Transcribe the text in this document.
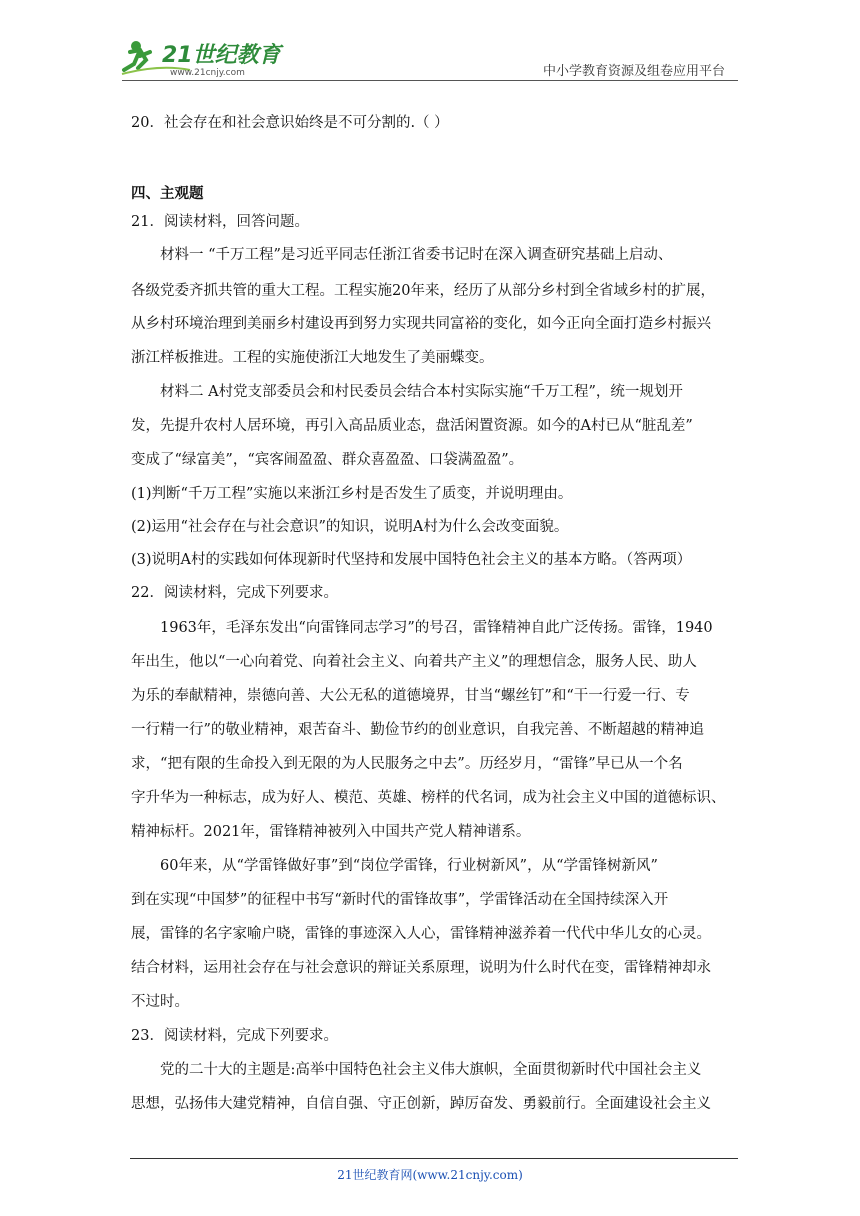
21世纪教育
www.21cnjy.com	中小学教育资源及组卷应用平台
20．社会存在和社会意识始终是不可分割的.（ ）
四、主观题
21．阅读材料，回答问题。
材料一 “千万工程”是习近平同志任浙江省委书记时在深入调查研究基础上启动、
各级党委齐抓共管的重大工程。工程实施20年来，经历了从部分乡村到全省域乡村的扩展，
从乡村环境治理到美丽乡村建设再到努力实现共同富裕的变化，如今正向全面打造乡村振兴
浙江样板推进。工程的实施使浙江大地发生了美丽蝶变。
材料二 A村党支部委员会和村民委员会结合本村实际实施“千万工程”，统一规划开
发，先提升农村人居环境，再引入高品质业态，盘活闲置资源。如今的A村已从“脏乱差”
变成了“绿富美”，“宾客闹盈盈、群众喜盈盈、口袋满盈盈”。
(1)判断“千万工程”实施以来浙江乡村是否发生了质变，并说明理由。
(2)运用“社会存在与社会意识”的知识，说明A村为什么会改变面貌。
(3)说明A村的实践如何体现新时代坚持和发展中国特色社会主义的基本方略。（答两项）
22．阅读材料，完成下列要求。
1963年，毛泽东发出“向雷锋同志学习”的号召，雷锋精神自此广泛传扬。雷锋，1940
年出生，他以“一心向着党、向着社会主义、向着共产主义”的理想信念，服务人民、助人
为乐的奉献精神，崇德向善、大公无私的道德境界，甘当“螺丝钉”和“干一行爱一行、专
一行精一行”的敬业精神，艰苦奋斗、勤俭节约的创业意识，自我完善、不断超越的精神追
求，“把有限的生命投入到无限的为人民服务之中去”。历经岁月，“雷锋”早已从一个名
字升华为一种标志，成为好人、模范、英雄、榜样的代名词，成为社会主义中国的道德标识、
精神标杆。2021年，雷锋精神被列入中国共产党人精神谱系。
60年来，从“学雷锋做好事”到“岗位学雷锋，行业树新风”，从“学雷锋树新风”
到在实现“中国梦”的征程中书写“新时代的雷锋故事”，学雷锋活动在全国持续深入开
展，雷锋的名字家喻户晓，雷锋的事迹深入人心，雷锋精神滋养着一代代中华儿女的心灵。
结合材料，运用社会存在与社会意识的辩证关系原理，说明为什么时代在变，雷锋精神却永
不过时。
23．阅读材料，完成下列要求。
党的二十大的主题是:高举中国特色社会主义伟大旗帜，全面贯彻新时代中国社会主义
思想，弘扬伟大建党精神，自信自强、守正创新，踔厉奋发、勇毅前行。全面建设社会主义
21世纪教育网(www.21cnjy.com)
